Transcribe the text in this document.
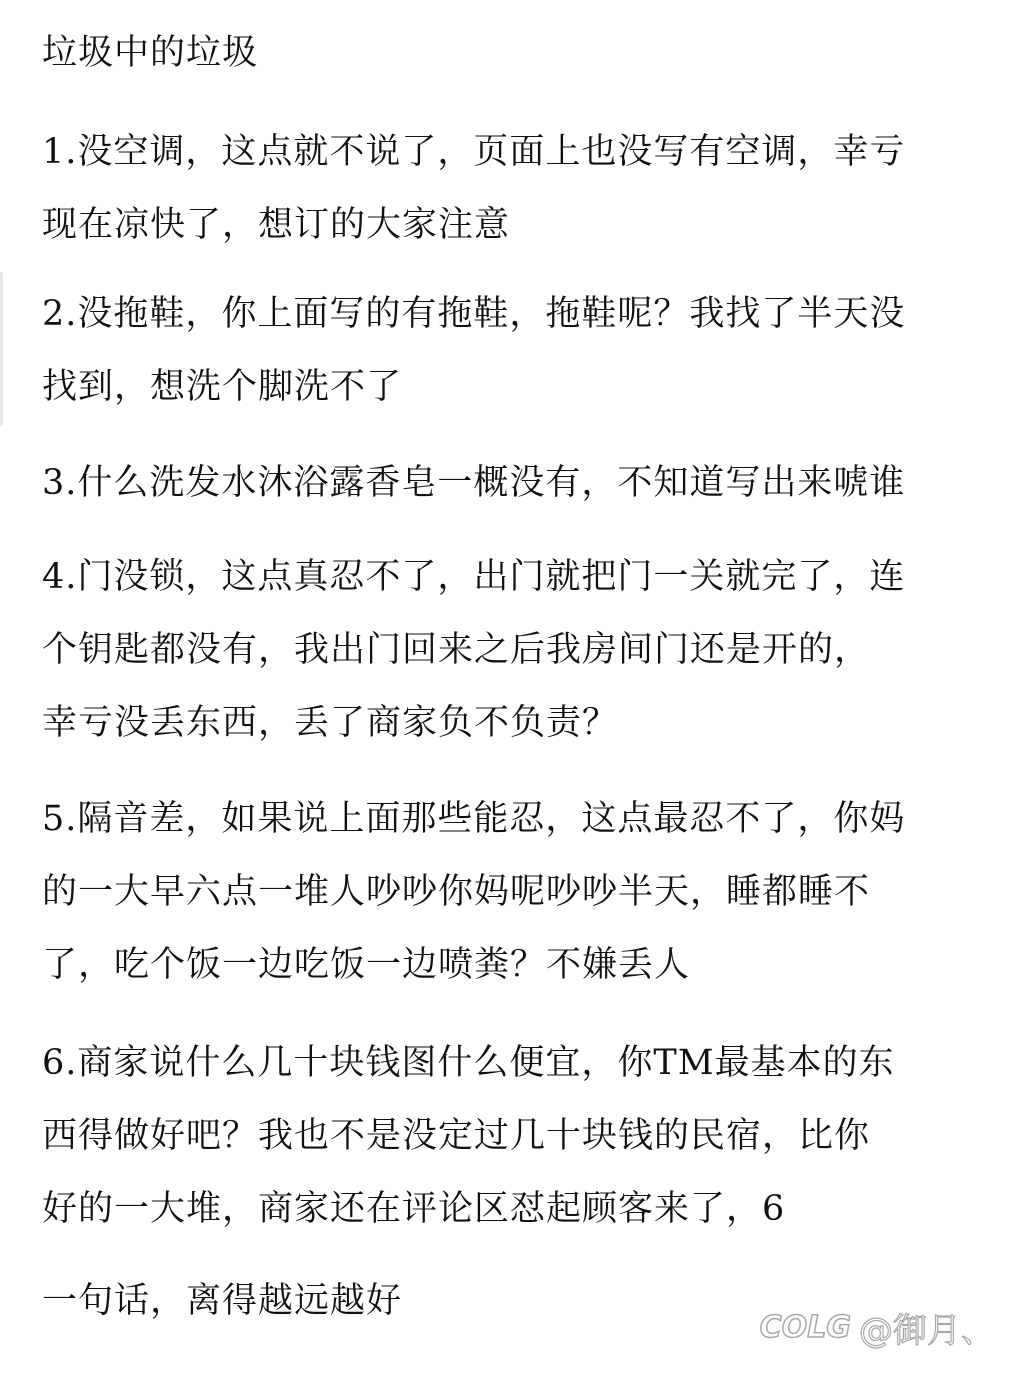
垃圾中的垃圾
1.没空调，这点就不说了，页面上也没写有空调，幸亏
现在凉快了，想订的大家注意
2.没拖鞋，你上面写的有拖鞋，拖鞋呢？我找了半天没
找到，想洗个脚洗不了
3.什么洗发水沐浴露香皂一概没有，不知道写出来唬谁
4.门没锁，这点真忍不了，出门就把门一关就完了，连
个钥匙都没有，我出门回来之后我房间门还是开的，
幸亏没丢东西，丢了商家负不负责？
5.隔音差，如果说上面那些能忍，这点最忍不了，你妈
的一大早六点一堆人吵吵你妈呢吵吵半天，睡都睡不
了，吃个饭一边吃饭一边喷粪？不嫌丢人
6.商家说什么几十块钱图什么便宜，你TM最基本的东
西得做好吧？我也不是没定过几十块钱的民宿，比你
好的一大堆，商家还在评论区怼起顾客来了，6
一句话，离得越远越好
COLG @御月、
